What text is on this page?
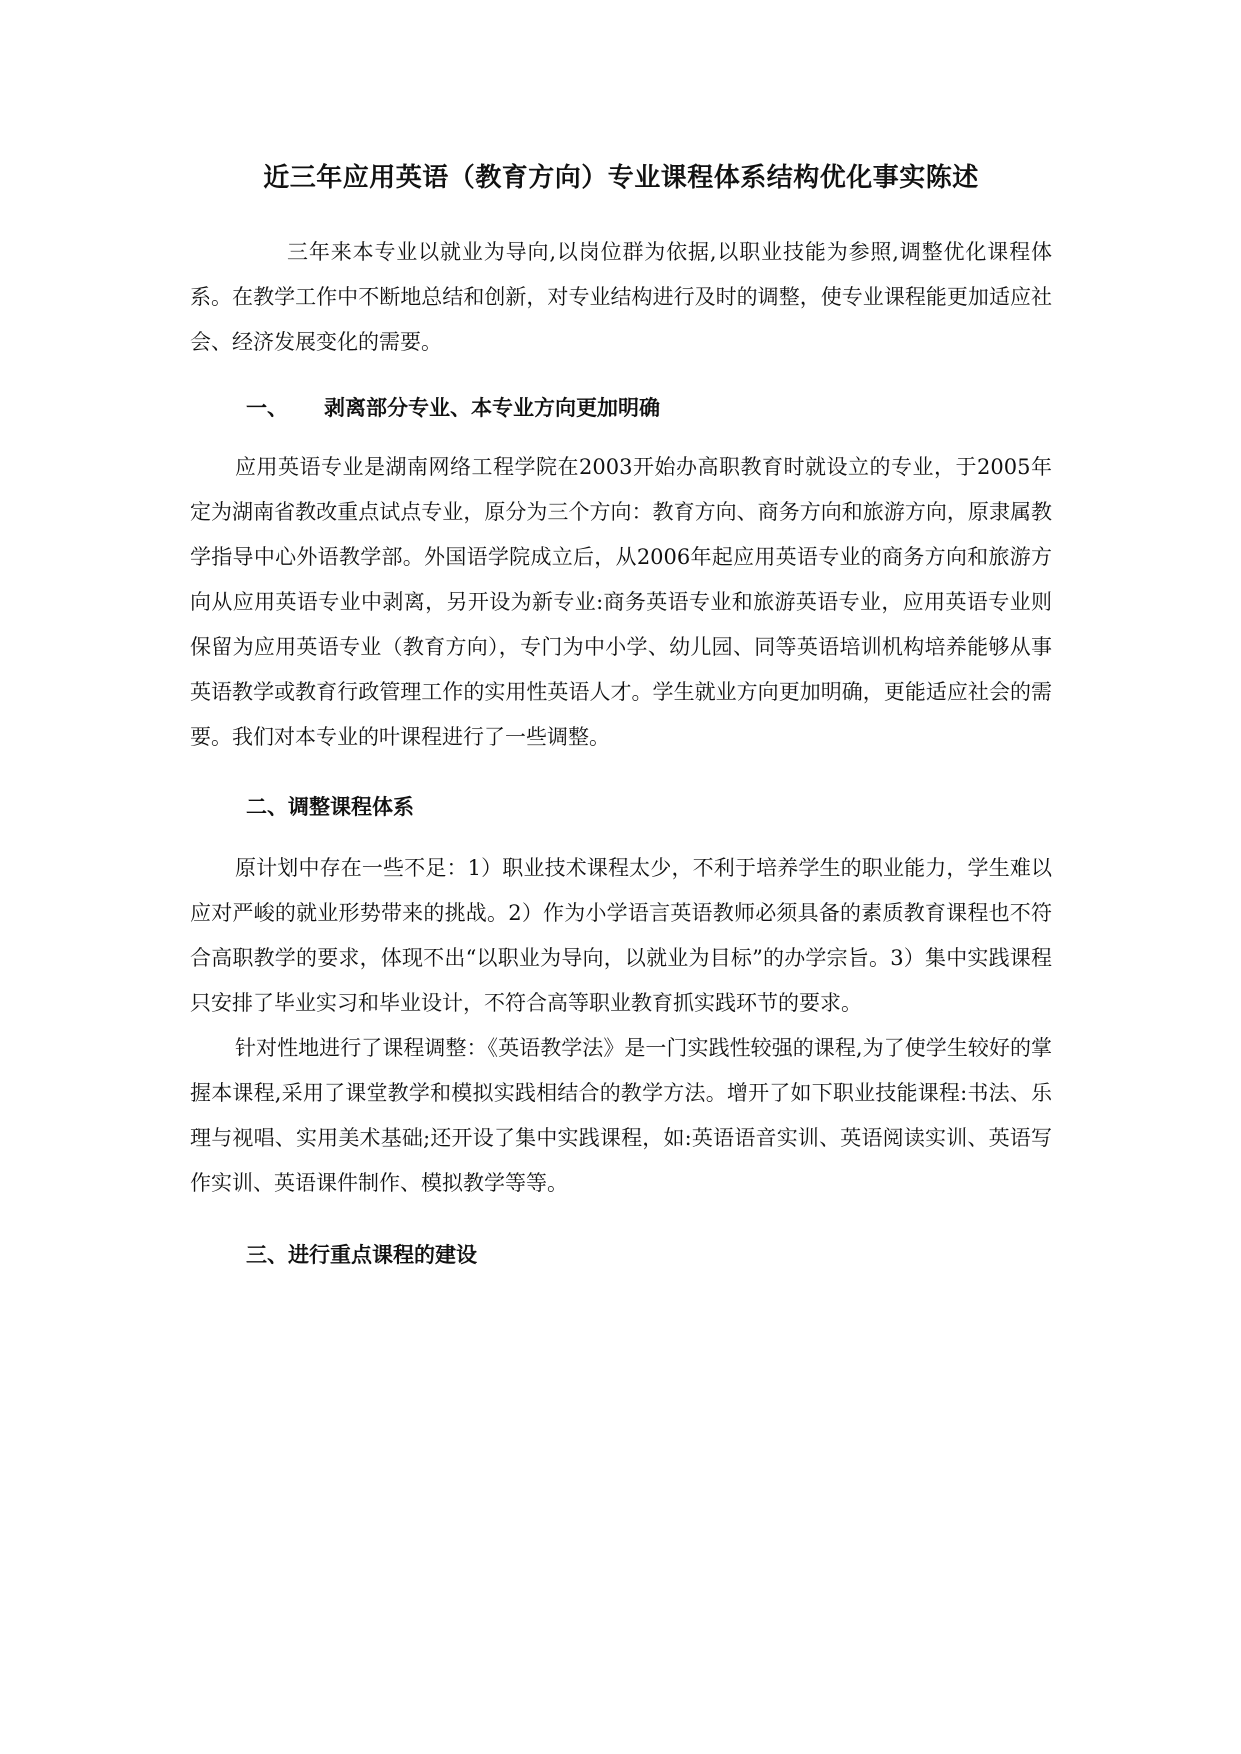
近三年应用英语（教育方向）专业课程体系结构优化事实陈述

三年来本专业以就业为导向,以岗位群为依据,以职业技能为参照,调整优化课程体系。在教学工作中不断地总结和创新，对专业结构进行及时的调整，使专业课程能更加适应社会、经济发展变化的需要。

一、 剥离部分专业、本专业方向更加明确

应用英语专业是湖南网络工程学院在2003开始办高职教育时就设立的专业，于2005年定为湖南省教改重点试点专业，原分为三个方向：教育方向、商务方向和旅游方向，原隶属教学指导中心外语教学部。外国语学院成立后，从2006年起应用英语专业的商务方向和旅游方向从应用英语专业中剥离，另开设为新专业:商务英语专业和旅游英语专业，应用英语专业则保留为应用英语专业（教育方向），专门为中小学、幼儿园、同等英语培训机构培养能够从事英语教学或教育行政管理工作的实用性英语人才。学生就业方向更加明确，更能适应社会的需要。我们对本专业的叶课程进行了一些调整。

二、调整课程体系

原计划中存在一些不足：1）职业技术课程太少，不利于培养学生的职业能力，学生难以应对严峻的就业形势带来的挑战。2）作为小学语言英语教师必须具备的素质教育课程也不符合高职教学的要求，体现不出“以职业为导向，以就业为目标”的办学宗旨。3）集中实践课程只安排了毕业实习和毕业设计，不符合高等职业教育抓实践环节的要求。

针对性地进行了课程调整：《英语教学法》是一门实践性较强的课程,为了使学生较好的掌握本课程,采用了课堂教学和模拟实践相结合的教学方法。增开了如下职业技能课程:书法、乐理与视唱、实用美术基础;还开设了集中实践课程，如:英语语音实训、英语阅读实训、英语写作实训、英语课件制作、模拟教学等等。

三、进行重点课程的建设
